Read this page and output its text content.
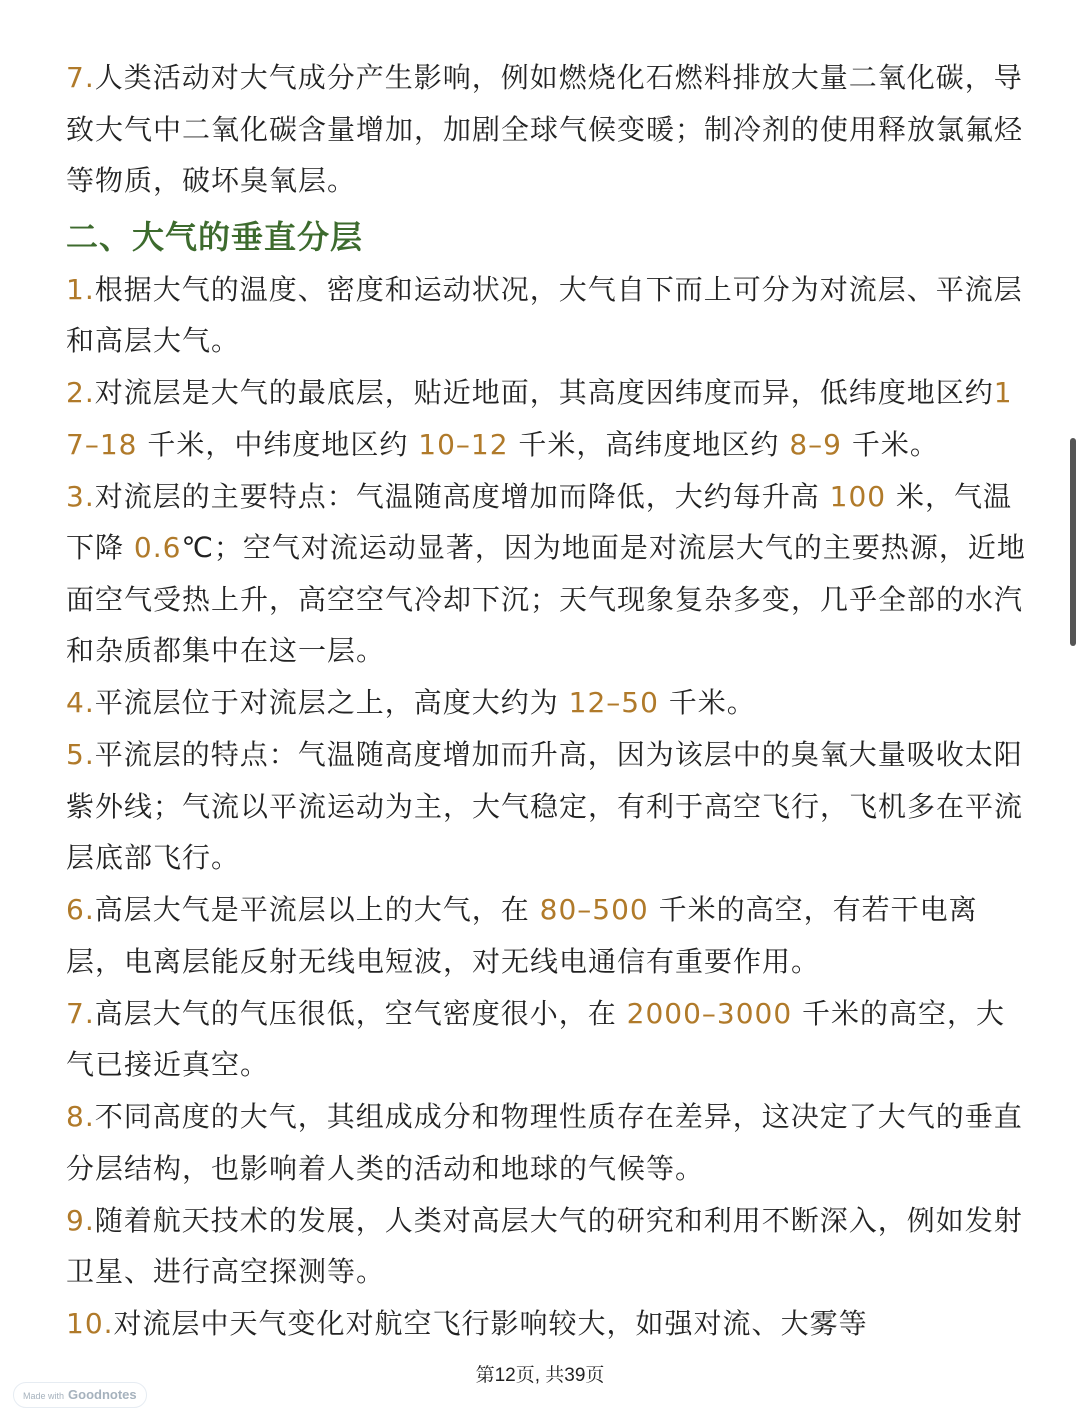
7.人类活动对大气成分产生影响，例如燃烧化石燃料排放大量二氧化碳，导致大气中二氧化碳含量增加，加剧全球气候变暖；制冷剂的使用释放氯氟烃等物质，破坏臭氧层。

二、大气的垂直分层

1.根据大气的温度、密度和运动状况，大气自下而上可分为对流层、平流层和高层大气。

2.对流层是大气的最底层，贴近地面，其高度因纬度而异，低纬度地区约17–18 千米，中纬度地区约 10–12 千米，高纬度地区约 8–9 千米。

3.对流层的主要特点：气温随高度增加而降低，大约每升高 100 米，气温下降 0.6℃；空气对流运动显著，因为地面是对流层大气的主要热源，近地面空气受热上升，高空空气冷却下沉；天气现象复杂多变，几乎全部的水汽和杂质都集中在这一层。

4.平流层位于对流层之上，高度大约为 12–50 千米。

5.平流层的特点：气温随高度增加而升高，因为该层中的臭氧大量吸收太阳紫外线；气流以平流运动为主，大气稳定，有利于高空飞行，飞机多在平流层底部飞行。

6.高层大气是平流层以上的大气，在 80–500 千米的高空，有若干电离层，电离层能反射无线电短波，对无线电通信有重要作用。

7.高层大气的气压很低，空气密度很小，在 2000–3000 千米的高空，大气已接近真空。

8.不同高度的大气，其组成成分和物理性质存在差异，这决定了大气的垂直分层结构，也影响着人类的活动和地球的气候等。

9.随着航天技术的发展，人类对高层大气的研究和利用不断深入，例如发射卫星、进行高空探测等。

10.对流层中天气变化对航空飞行影响较大，如强对流、大雾等

第12页, 共39页
Made with Goodnotes
